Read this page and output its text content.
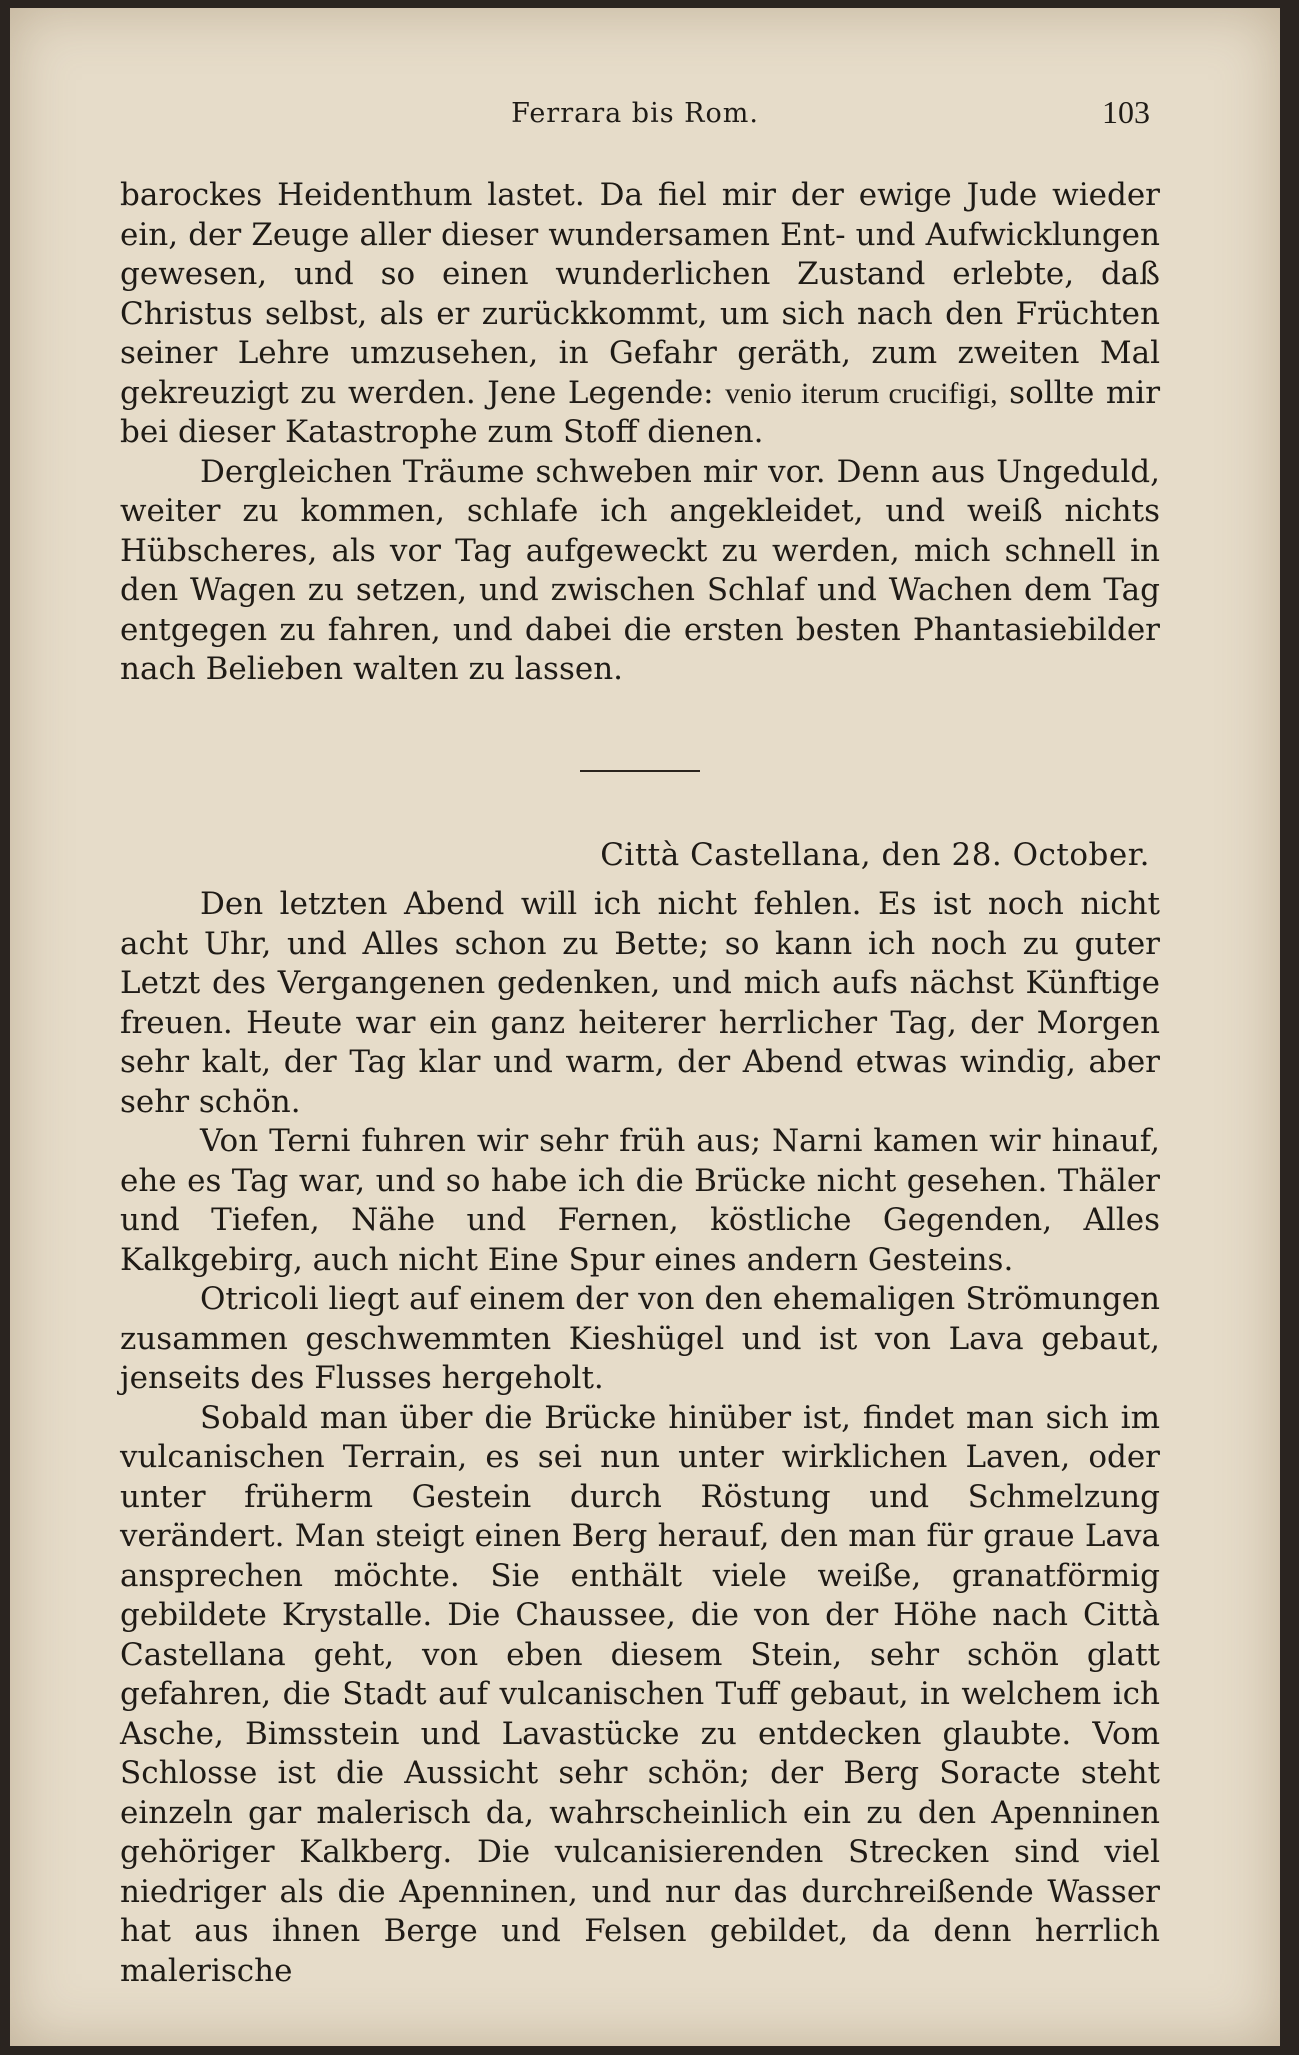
Ferrara bis Rom.	103

barockes Heidenthum lastet. Da fiel mir der ewige Jude wieder ein, der Zeuge aller dieser wundersamen Ent- und Aufwicklungen gewesen, und so einen wunderlichen Zustand erlebte, daß Christus selbst, als er zurückkommt, um sich nach den Früchten seiner Lehre umzusehen, in Gefahr geräth, zum zweiten Mal gekreuzigt zu werden. Jene Legende: venio iterum crucifigi, sollte mir bei dieser Katastrophe zum Stoff dienen.

Dergleichen Träume schweben mir vor. Denn aus Ungeduld, weiter zu kommen, schlafe ich angekleidet, und weiß nichts Hübscheres, als vor Tag aufgeweckt zu werden, mich schnell in den Wagen zu setzen, und zwischen Schlaf und Wachen dem Tag entgegen zu fahren, und dabei die ersten besten Phantasiebilder nach Belieben walten zu lassen.

Città Castellana, den 28. October.

Den letzten Abend will ich nicht fehlen. Es ist noch nicht acht Uhr, und Alles schon zu Bette; so kann ich noch zu guter Letzt des Vergangenen gedenken, und mich aufs nächst Künftige freuen. Heute war ein ganz heiterer herrlicher Tag, der Morgen sehr kalt, der Tag klar und warm, der Abend etwas windig, aber sehr schön.

Von Terni fuhren wir sehr früh aus; Narni kamen wir hinauf, ehe es Tag war, und so habe ich die Brücke nicht gesehen. Thäler und Tiefen, Nähe und Fernen, köstliche Gegenden, Alles Kalkgebirg, auch nicht Eine Spur eines andern Gesteins.

Otricoli liegt auf einem der von den ehemaligen Strömungen zusammen geschwemmten Kieshügel und ist von Lava gebaut, jenseits des Flusses hergeholt.

Sobald man über die Brücke hinüber ist, findet man sich im vulcanischen Terrain, es sei nun unter wirklichen Laven, oder unter früherm Gestein durch Röstung und Schmelzung verändert. Man steigt einen Berg herauf, den man für graue Lava ansprechen möchte. Sie enthält viele weiße, granatförmig gebildete Krystalle. Die Chaussee, die von der Höhe nach Città Castellana geht, von eben diesem Stein, sehr schön glatt gefahren, die Stadt auf vulcanischen Tuff gebaut, in welchem ich Asche, Bimsstein und Lavastücke zu entdecken glaubte. Vom Schlosse ist die Aussicht sehr schön; der Berg Soracte steht einzeln gar malerisch da, wahrscheinlich ein zu den Apenninen gehöriger Kalkberg. Die vulcanisierenden Strecken sind viel niedriger als die Apenninen, und nur das durchreißende Wasser hat aus ihnen Berge und Felsen gebildet, da denn herrlich malerische
